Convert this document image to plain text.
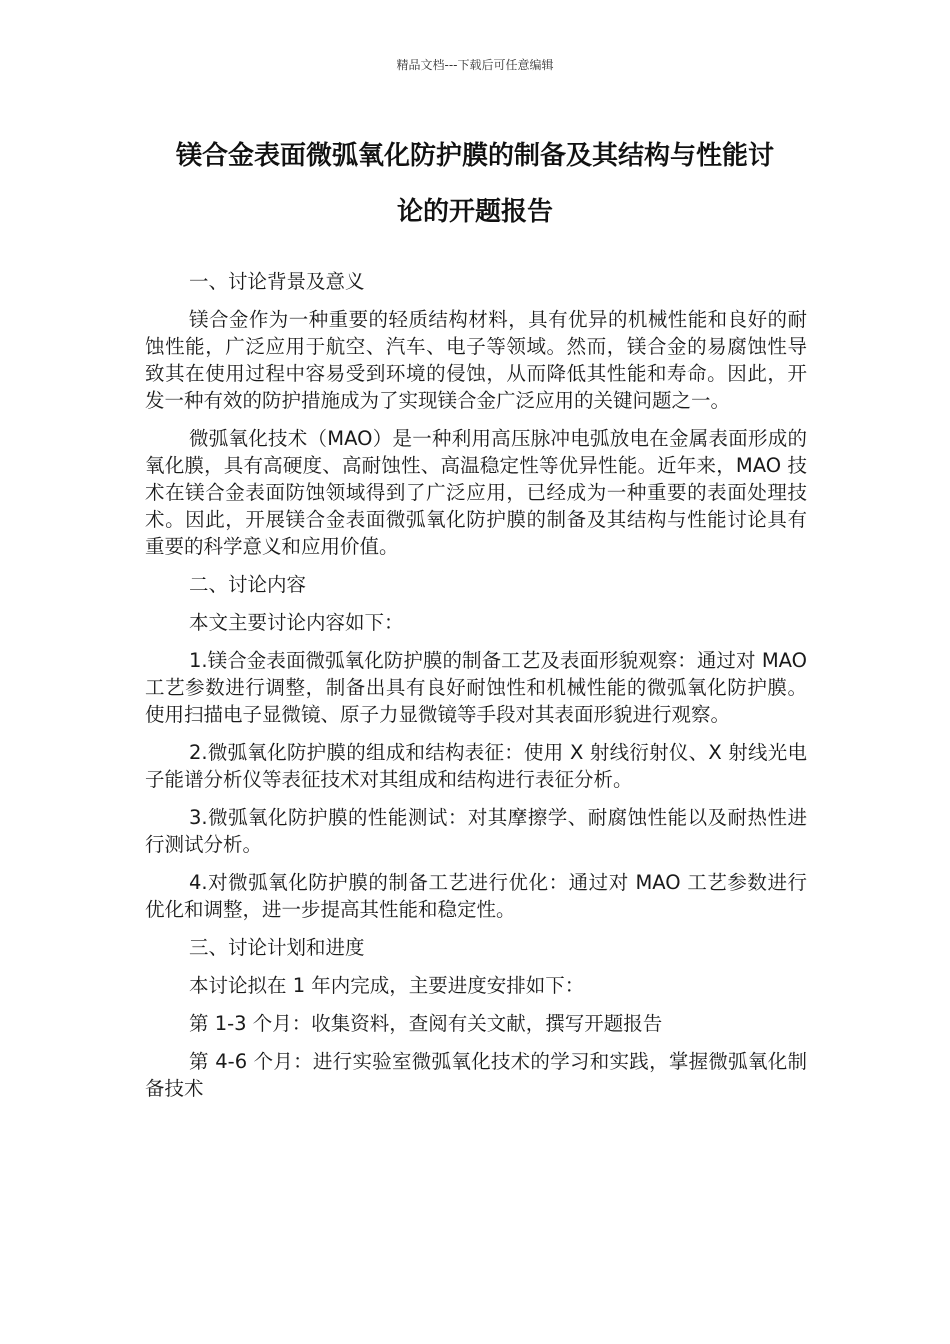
精品文档---下载后可任意编辑
镁合金表面微弧氧化防护膜的制备及其结构与性能讨
论的开题报告

一、讨论背景及意义

镁合金作为一种重要的轻质结构材料，具有优异的机械性能和良好的耐蚀性能，广泛应用于航空、汽车、电子等领域。然而，镁合金的易腐蚀性导致其在使用过程中容易受到环境的侵蚀，从而降低其性能和寿命。因此，开发一种有效的防护措施成为了实现镁合金广泛应用的关键问题之一。

微弧氧化技术（MAO）是一种利用高压脉冲电弧放电在金属表面形成的氧化膜，具有高硬度、高耐蚀性、高温稳定性等优异性能。近年来，MAO 技术在镁合金表面防蚀领域得到了广泛应用，已经成为一种重要的表面处理技术。因此，开展镁合金表面微弧氧化防护膜的制备及其结构与性能讨论具有重要的科学意义和应用价值。

二、讨论内容

本文主要讨论内容如下：

1.镁合金表面微弧氧化防护膜的制备工艺及表面形貌观察：通过对 MAO 工艺参数进行调整，制备出具有良好耐蚀性和机械性能的微弧氧化防护膜。使用扫描电子显微镜、原子力显微镜等手段对其表面形貌进行观察。

2.微弧氧化防护膜的组成和结构表征：使用 X 射线衍射仪、X 射线光电子能谱分析仪等表征技术对其组成和结构进行表征分析。

3.微弧氧化防护膜的性能测试：对其摩擦学、耐腐蚀性能以及耐热性进行测试分析。

4.对微弧氧化防护膜的制备工艺进行优化：通过对 MAO 工艺参数进行优化和调整，进一步提高其性能和稳定性。

三、讨论计划和进度

本讨论拟在 1 年内完成，主要进度安排如下：

第 1-3 个月：收集资料，查阅有关文献，撰写开题报告

第 4-6 个月：进行实验室微弧氧化技术的学习和实践，掌握微弧氧化制备技术
